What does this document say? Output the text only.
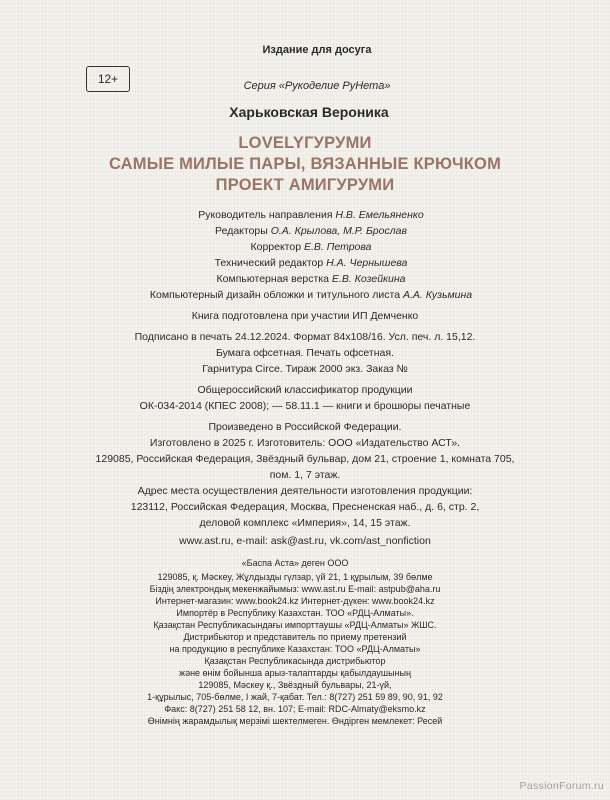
Издание для досуга
12+	Серия «Рукоделие РуНета»
Харьковская Вероника
LOVELYГУРУМИ
САМЫЕ МИЛЫЕ ПАРЫ, ВЯЗАННЫЕ КРЮЧКОМ
ПРОЕКТ АМИГУРУМИ
Руководитель направления Н.В. Емельяненко
Редакторы О.А. Крылова, М.Р. Брослав
Корректор Е.В. Петрова
Технический редактор Н.А. Чернышева
Компьютерная верстка Е.В. Козейкина
Компьютерный дизайн обложки и титульного листа А.А. Кузьмина
Книга подготовлена при участии ИП Демченко
Подписано в печать 24.12.2024. Формат 84x108/16. Усл. печ. л. 15,12.
Бумага офсетная. Печать офсетная.
Гарнитура Circe. Тираж 2000 экз. Заказ №
Общероссийский классификатор продукции
ОК-034-2014 (КПЕС 2008); — 58.11.1 — книги и брошюры печатные
Произведено в Российской Федерации.
Изготовлено в 2025 г. Изготовитель: ООО «Издательство АСТ».
129085, Российская Федерация, Звёздный бульвар, дом 21, строение 1, комната 705,
пом. 1, 7 этаж.
Адрес места осуществления деятельности изготовления продукции:
123112, Российская Федерация, Москва, Пресненская наб., д. 6, стр. 2,
деловой комплекс «Империя», 14, 15 этаж.
www.ast.ru, e-mail: ask@ast.ru, vk.com/ast_nonfiction
«Баспа Аста» деген ООО
129085, қ. Мәскеу, Жұлдызды гүлзар, үй 21, 1 құрылым, 39 бөлме
Біздің электрондық мекенжайымыз: www.ast.ru E-mail: astpub@aha.ru
Интернет-магазин: www.book24.kz Интернет-дүкен: www.book24.kz
Импортёр в Республику Казахстан. ТОО «РДЦ-Алматы».
Қазақстан Республикасындағы импорттаушы «РДЦ-Алматы» ЖШС.
Дистрибьютор и представитель по приему претензий
на продукцию в республике Казахстан: ТОО «РДЦ-Алматы»
Қазақстан Республикасында дистрибьютор
және өнім бойынша арыз-талаптарды қабылдаушының
129085, Мәскеу қ., Звёздный бульвары, 21-үй,
1-құрылыс, 705-бөлме, I жай, 7-қабат. Тел.: 8(727) 251 59 89, 90, 91, 92
Факс: 8(727) 251 58 12, вн. 107; E-mail: RDC-Almaty@eksmo.kz
Өнімнің жарамдылық мерзімі шектелмеген. Өндірген мемлекет: Ресей
PassionForum.ru
